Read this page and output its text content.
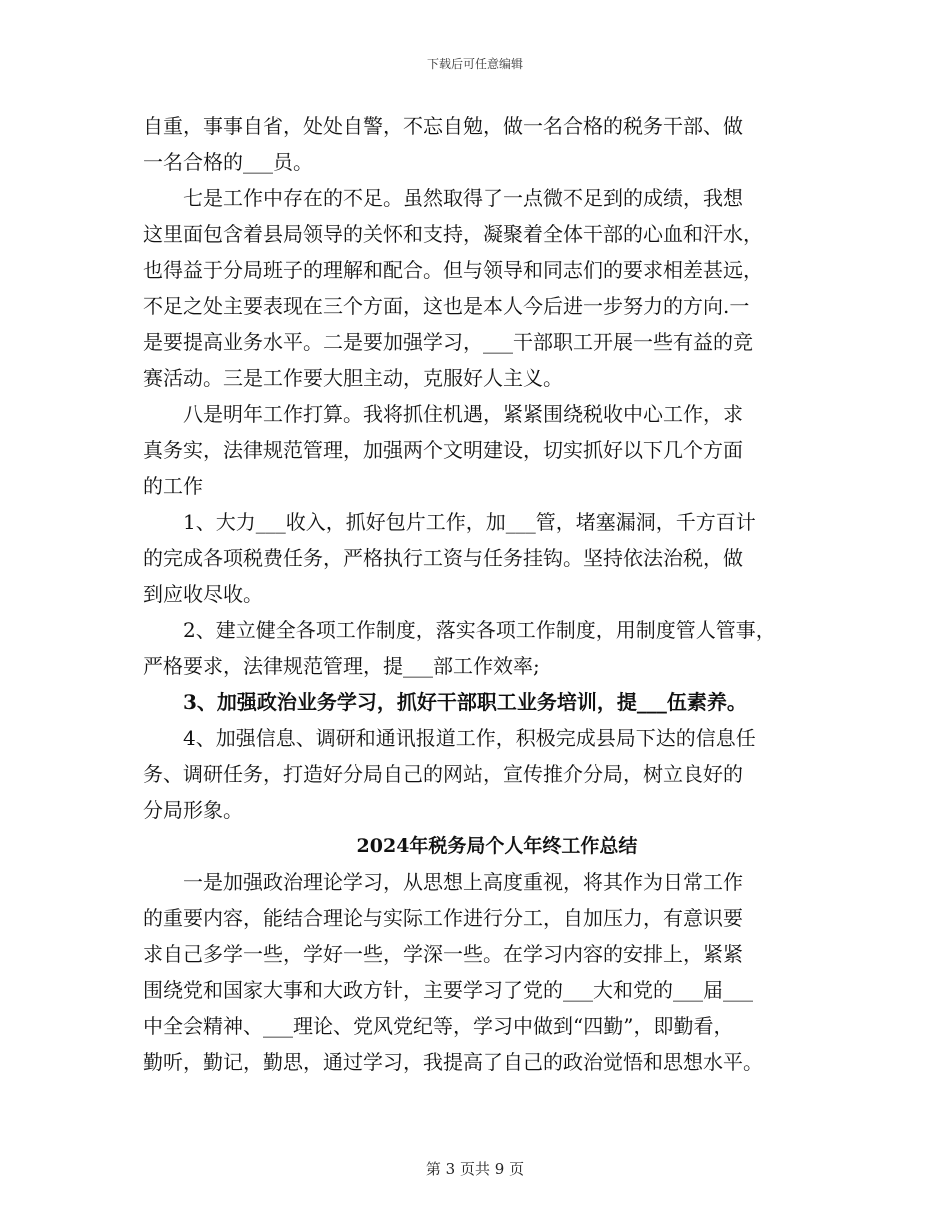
下载后可任意编辑
自重，事事自省，处处自警，不忘自勉，做一名合格的税务干部、做
一名合格的___员。
七是工作中存在的不足。虽然取得了一点微不足到的成绩，我想
这里面包含着县局领导的关怀和支持，凝聚着全体干部的心血和汗水，
也得益于分局班子的理解和配合。但与领导和同志们的要求相差甚远，
不足之处主要表现在三个方面，这也是本人今后进一步努力的方向.一
是要提高业务水平。二是要加强学习，___干部职工开展一些有益的竞
赛活动。三是工作要大胆主动，克服好人主义。
八是明年工作打算。我将抓住机遇，紧紧围绕税收中心工作，求
真务实，法律规范管理，加强两个文明建设，切实抓好以下几个方面
的工作
1、大力___收入，抓好包片工作，加___管，堵塞漏洞，千方百计
的完成各项税费任务，严格执行工资与任务挂钩。坚持依法治税，做
到应收尽收。
2、建立健全各项工作制度，落实各项工作制度，用制度管人管事，
严格要求，法律规范管理，提___部工作效率;
3、加强政治业务学习，抓好干部职工业务培训，提___伍素养。
4、加强信息、调研和通讯报道工作，积极完成县局下达的信息任
务、调研任务，打造好分局自己的网站，宣传推介分局，树立良好的
分局形象。
2024年税务局个人年终工作总结
一是加强政治理论学习，从思想上高度重视，将其作为日常工作
的重要内容，能结合理论与实际工作进行分工，自加压力，有意识要
求自己多学一些，学好一些，学深一些。在学习内容的安排上，紧紧
围绕党和国家大事和大政方针，主要学习了党的___大和党的___届___
中全会精神、___理论、党风党纪等，学习中做到“四勤”，即勤看，
勤听，勤记，勤思，通过学习，我提高了自己的政治觉悟和思想水平。
第 3 页共 9 页
